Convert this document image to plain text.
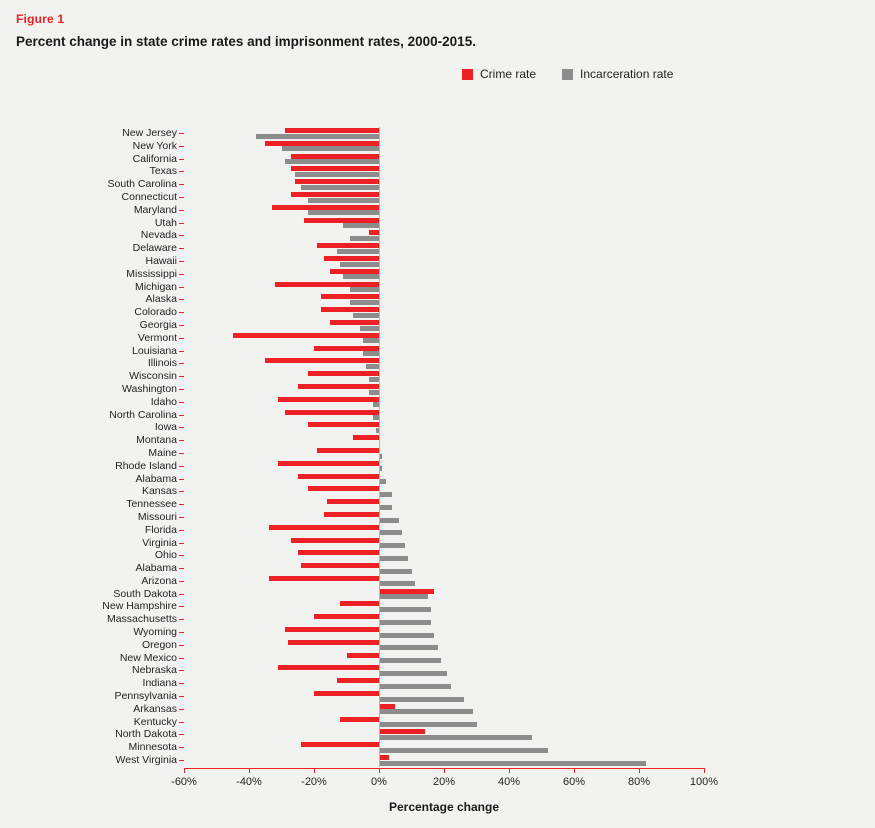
Figure 1
Percent change in state crime rates and imprisonment rates, 2000-2015.
Crime rate	Incarceration rate
New Jersey
New York
California
Texas
South Carolina
Connecticut
Maryland
Utah
Nevada
Delaware
Hawaii
Mississippi
Michigan
Alaska
Colorado
Georgia
Vermont
Louisiana
Illinois
Wisconsin
Washington
Idaho
North Carolina
Iowa
Montana
Maine
Rhode Island
Alabama
Kansas
Tennessee
Missouri
Florida
Virginia
Ohio
Alabama
Arizona
South Dakota
New Hampshire
Massachusetts
Wyoming
Oregon
New Mexico
Nebraska
Indiana
Pennsylvania
Arkansas
Kentucky
North Dakota
Minnesota
West Virginia
Percentage change
-60%	-40%	-20%	0%	20%	40%	60%	80%	100%
